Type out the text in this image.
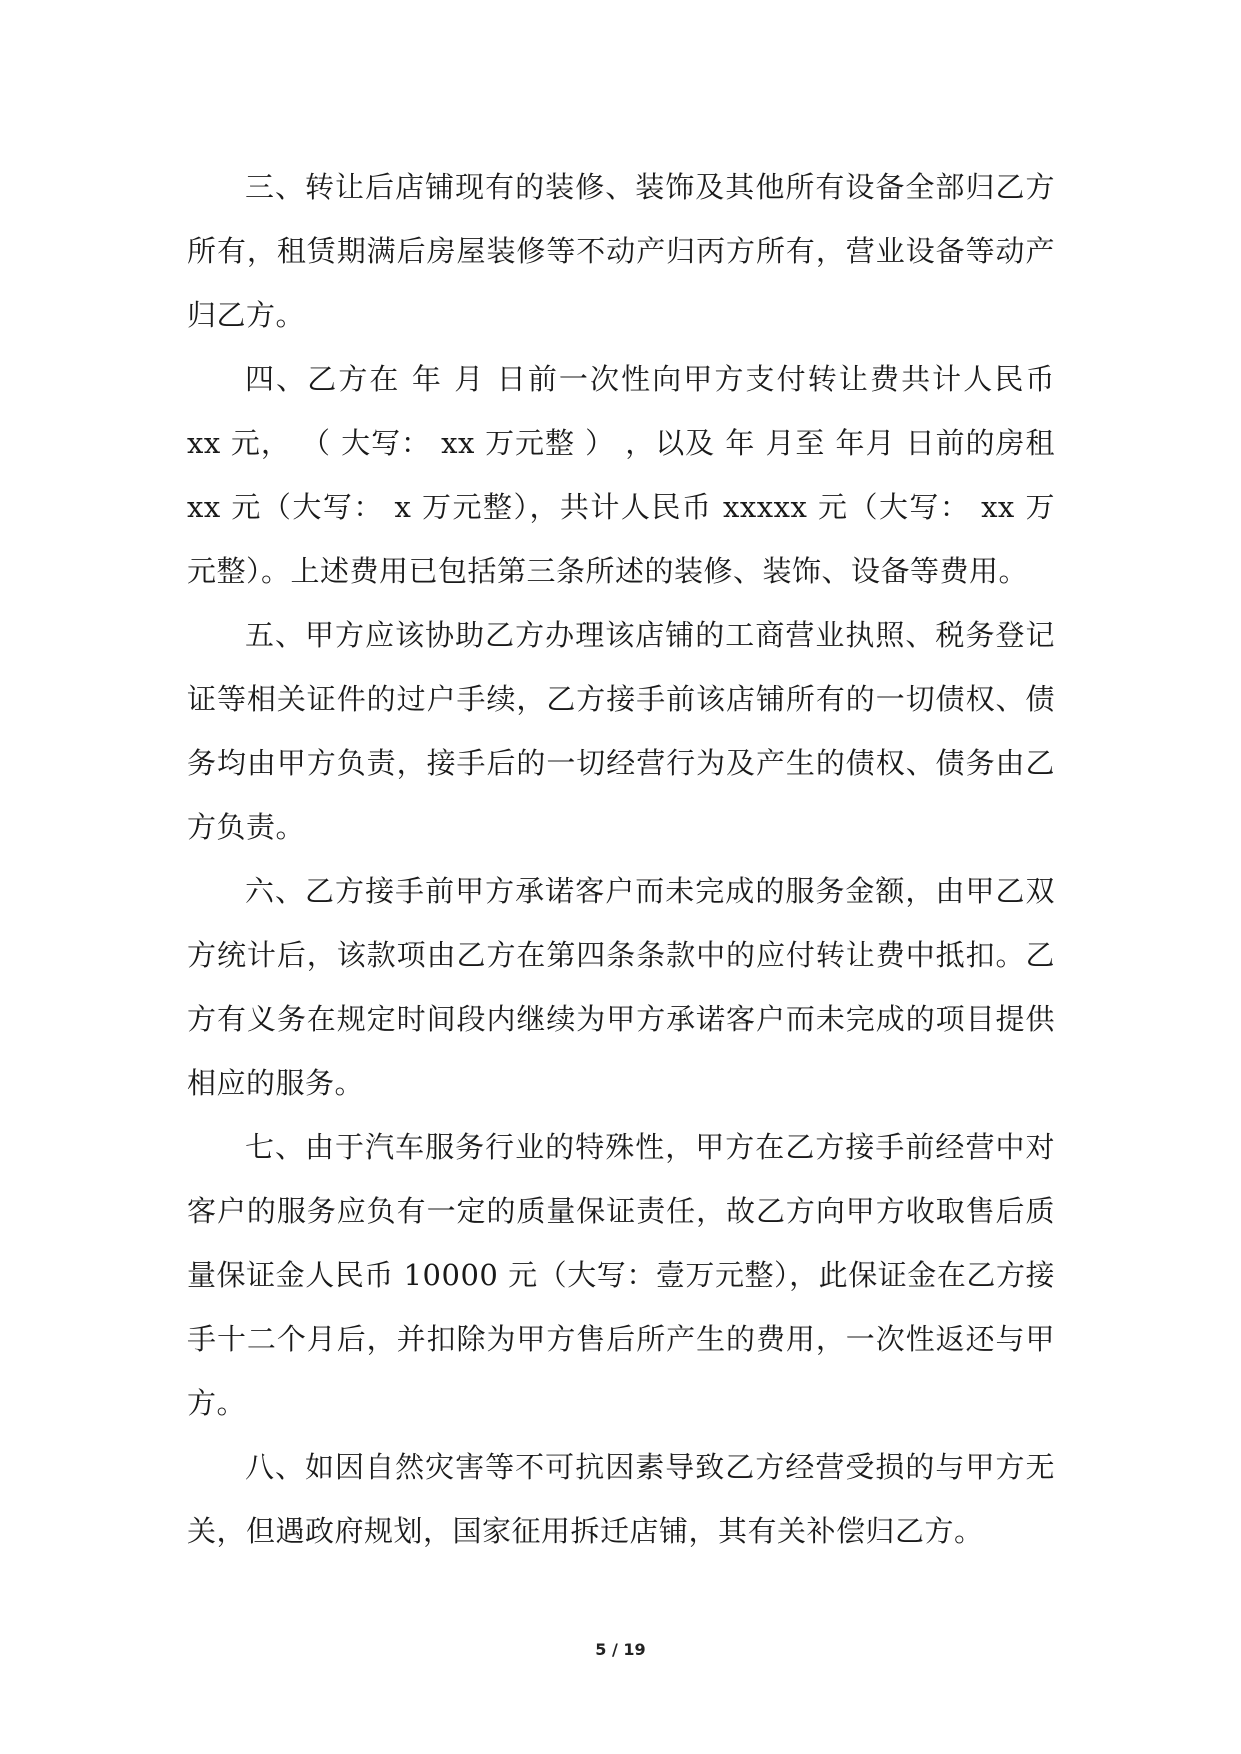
三、转让后店铺现有的装修、装饰及其他所有设备全部归乙方所有，租赁期满后房屋装修等不动产归丙方所有，营业设备等动产归乙方。

四、乙方在 年 月 日前一次性向甲方支付转让费共计人民币 xx 元， （ 大写： xx 万元整 ） ，以及 年 月至 年月 日前的房租 xx 元（大写： x 万元整），共计人民币 xxxxx 元（大写： xx 万元整）。上述费用已包括第三条所述的装修、装饰、设备等费用。

五、甲方应该协助乙方办理该店铺的工商营业执照、税务登记证等相关证件的过户手续，乙方接手前该店铺所有的一切债权、债务均由甲方负责，接手后的一切经营行为及产生的债权、债务由乙方负责。

六、乙方接手前甲方承诺客户而未完成的服务金额，由甲乙双方统计后，该款项由乙方在第四条条款中的应付转让费中抵扣。乙方有义务在规定时间段内继续为甲方承诺客户而未完成的项目提供相应的服务。

七、由于汽车服务行业的特殊性，甲方在乙方接手前经营中对客户的服务应负有一定的质量保证责任，故乙方向甲方收取售后质量保证金人民币 10000 元（大写：壹万元整），此保证金在乙方接手十二个月后，并扣除为甲方售后所产生的费用，一次性返还与甲方。

八、如因自然灾害等不可抗因素导致乙方经营受损的与甲方无关，但遇政府规划，国家征用拆迁店铺，其有关补偿归乙方。

5 / 19
